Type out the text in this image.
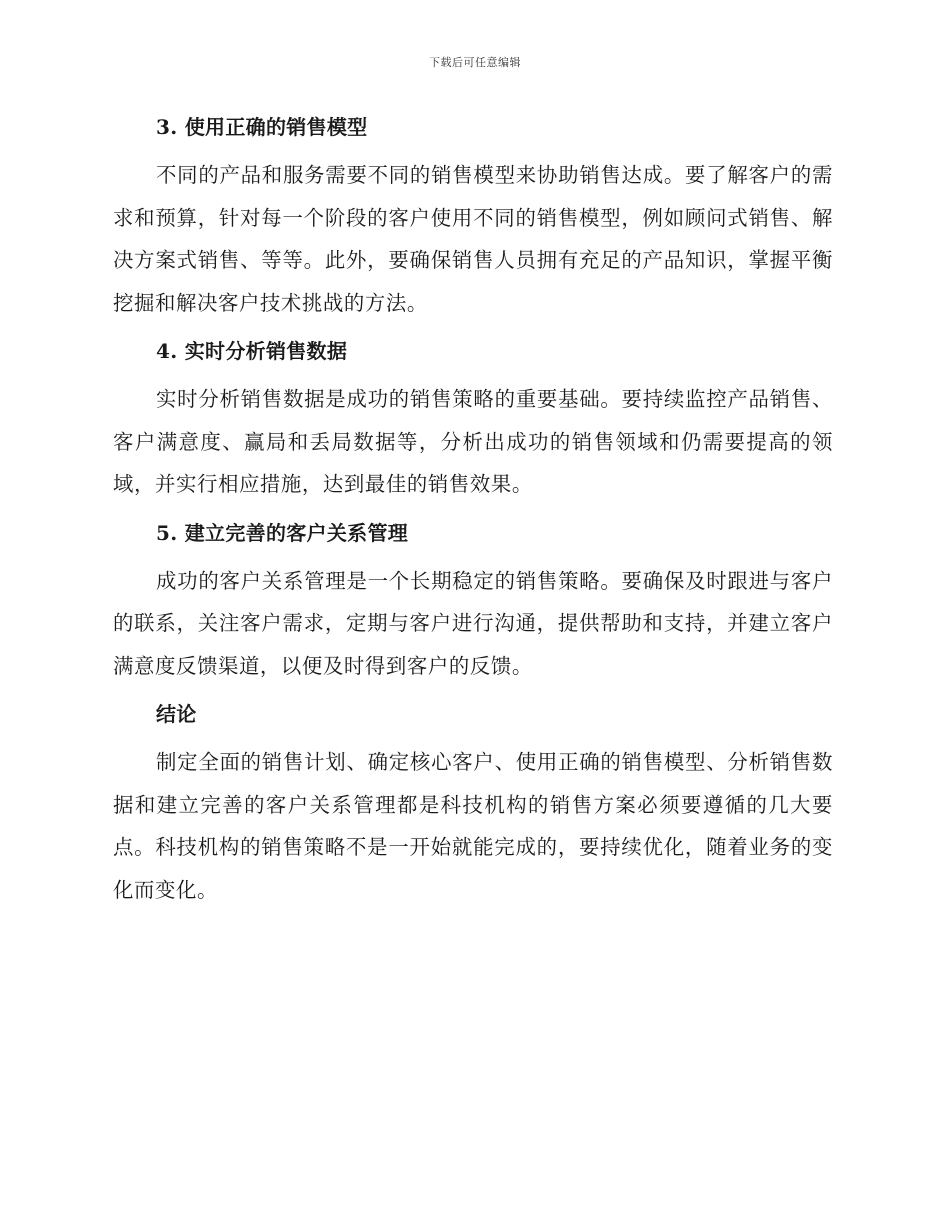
下载后可任意编辑
3. 使用正确的销售模型

不同的产品和服务需要不同的销售模型来协助销售达成。要了解客户的需求和预算，针对每一个阶段的客户使用不同的销售模型，例如顾问式销售、解决方案式销售、等等。此外，要确保销售人员拥有充足的产品知识，掌握平衡挖掘和解决客户技术挑战的方法。

4. 实时分析销售数据

实时分析销售数据是成功的销售策略的重要基础。要持续监控产品销售、客户满意度、赢局和丢局数据等，分析出成功的销售领域和仍需要提高的领域，并实行相应措施，达到最佳的销售效果。

5. 建立完善的客户关系管理

成功的客户关系管理是一个长期稳定的销售策略。要确保及时跟进与客户的联系，关注客户需求，定期与客户进行沟通，提供帮助和支持，并建立客户满意度反馈渠道，以便及时得到客户的反馈。

结论

制定全面的销售计划、确定核心客户、使用正确的销售模型、分析销售数据和建立完善的客户关系管理都是科技机构的销售方案必须要遵循的几大要点。科技机构的销售策略不是一开始就能完成的，要持续优化，随着业务的变化而变化。
